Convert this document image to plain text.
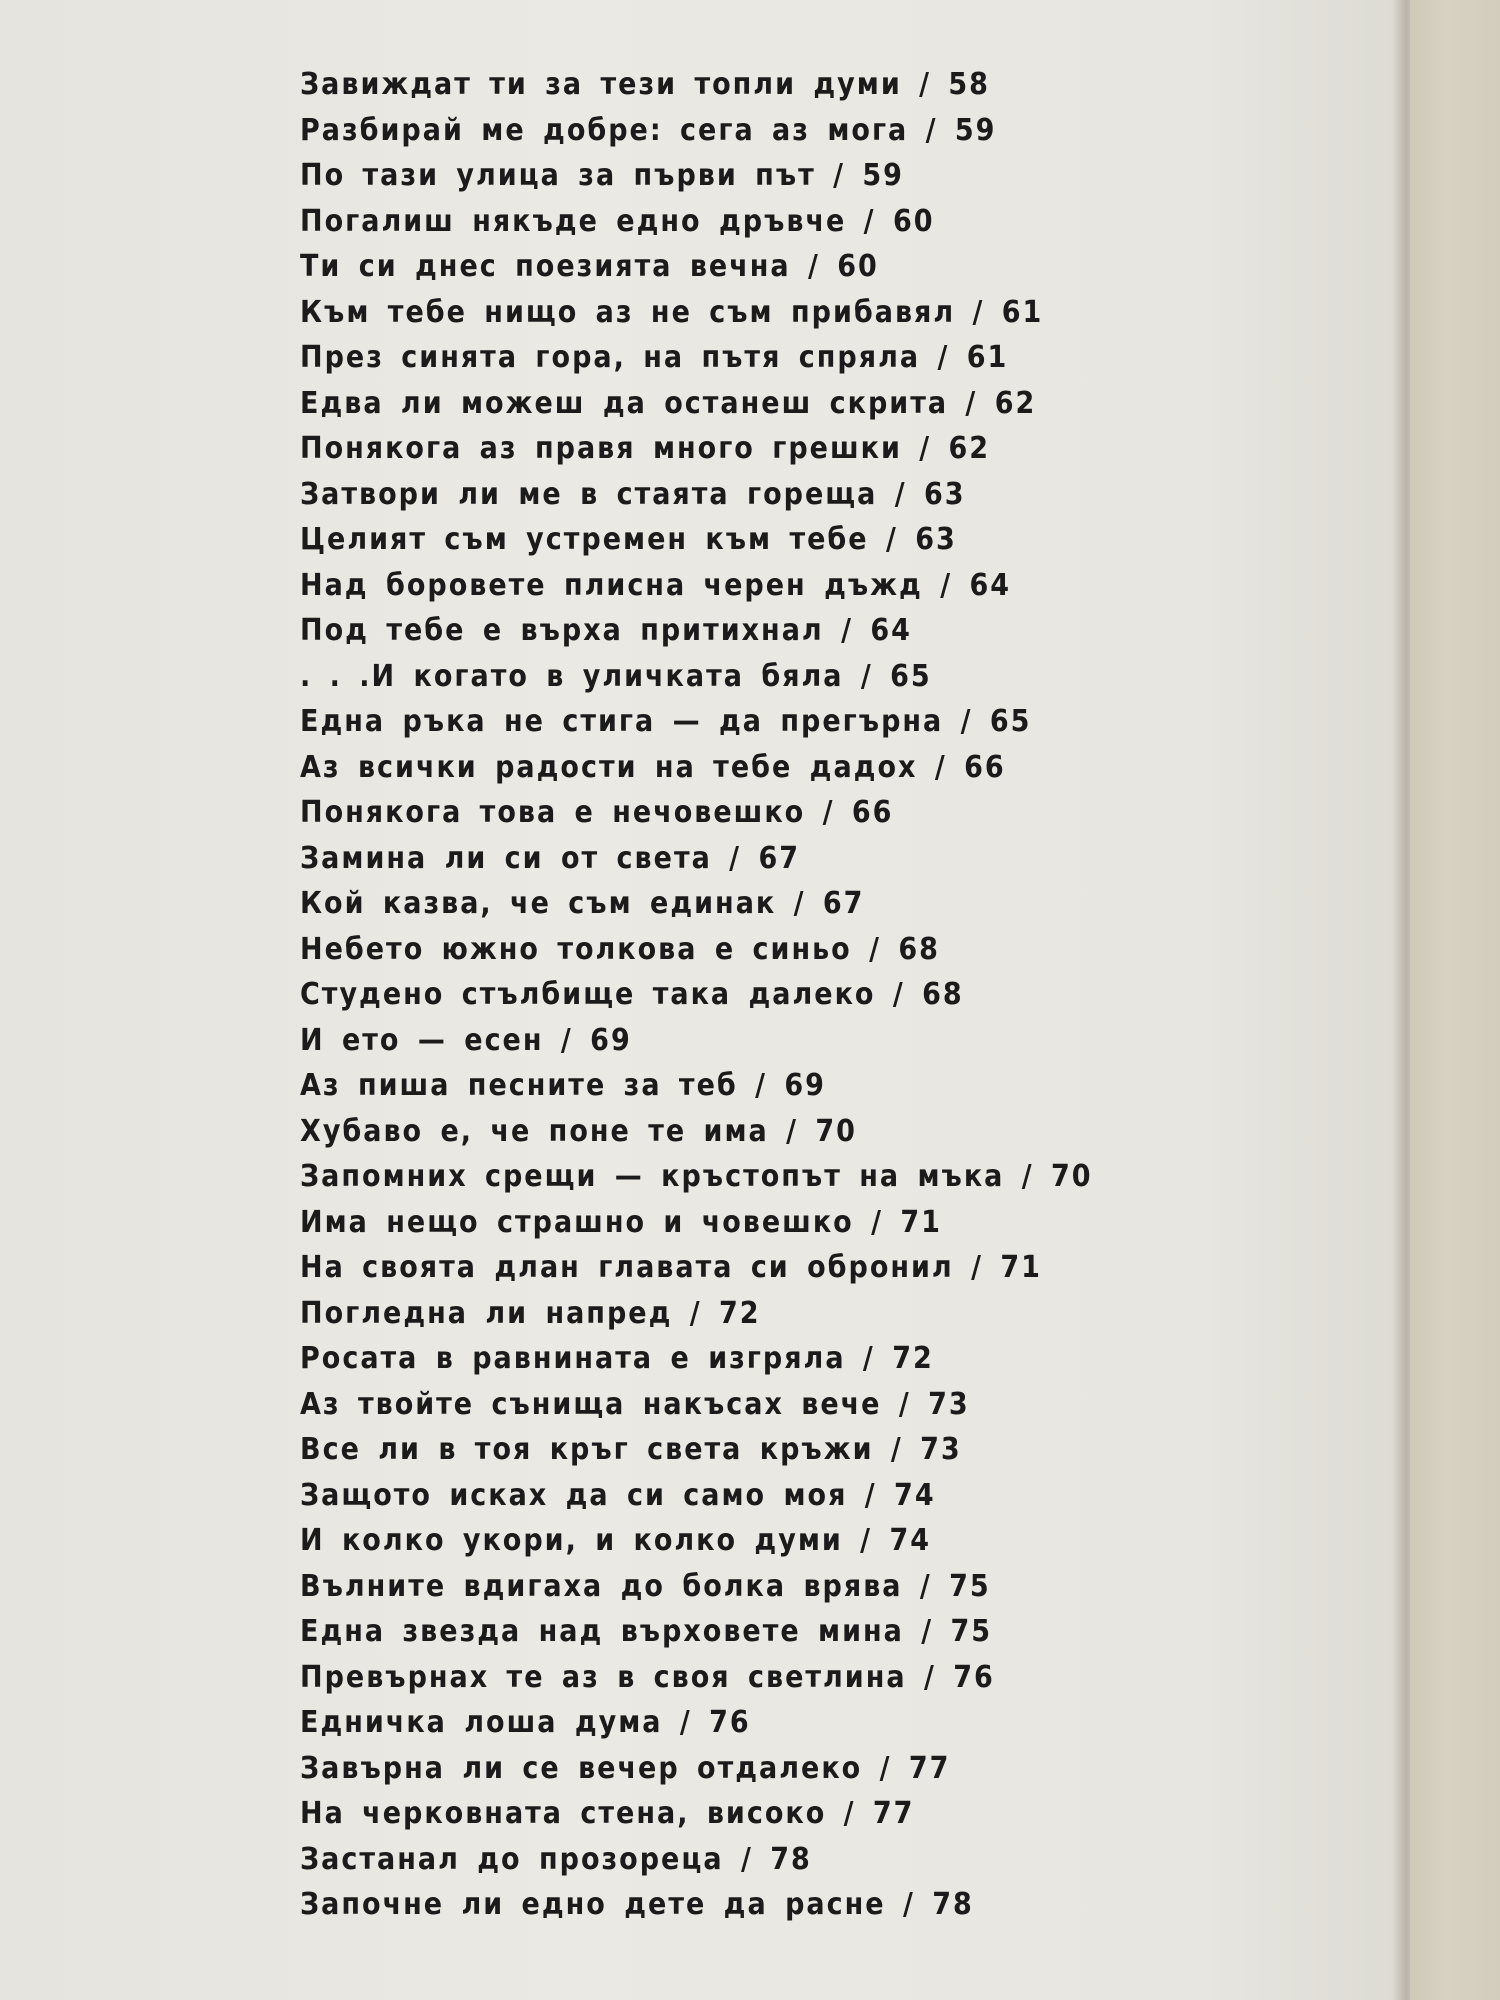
Завиждат ти за тези топли думи / 58
Разбирай ме добре: сега аз мога / 59
По тази улица за първи път / 59
Погалиш някъде едно дръвче / 60
Ти си днес поезията вечна / 60
Към тебе нищо аз не съм прибавял / 61
През синята гора, на пътя спряла / 61
Едва ли можеш да останеш скрита / 62
Понякога аз правя много грешки / 62
Затвори ли ме в стаята гореща / 63
Целият съм устремен към тебе / 63
Над боровете плисна черен дъжд / 64
Под тебе е върха притихнал / 64
. . .И когато в уличката бяла / 65
Една ръка не стига — да прегърна / 65
Аз всички радости на тебе дадох / 66
Понякога това е нечовешко / 66
Замина ли си от света / 67
Кой казва, че съм единак / 67
Небето южно толкова е синьо / 68
Студено стълбище така далеко / 68
И ето — есен / 69
Аз пиша песните за теб / 69
Хубаво е, че поне те има / 70
Запомних срещи — кръстопът на мъка / 70
Има нещо страшно и човешко / 71
На своята длан главата си обронил / 71
Погледна ли напред / 72
Росата в равнината е изгряла / 72
Аз твойте сънища накъсах вече / 73
Все ли в тоя кръг света кръжи / 73
Защото исках да си само моя / 74
И колко укори, и колко думи / 74
Вълните вдигаха до болка врява / 75
Една звезда над върховете мина / 75
Превърнах те аз в своя светлина / 76
Едничка лоша дума / 76
Завърна ли се вечер отдалеко / 77
На черковната стена, високо / 77
Застанал до прозореца / 78
Започне ли едно дете да расне / 78
